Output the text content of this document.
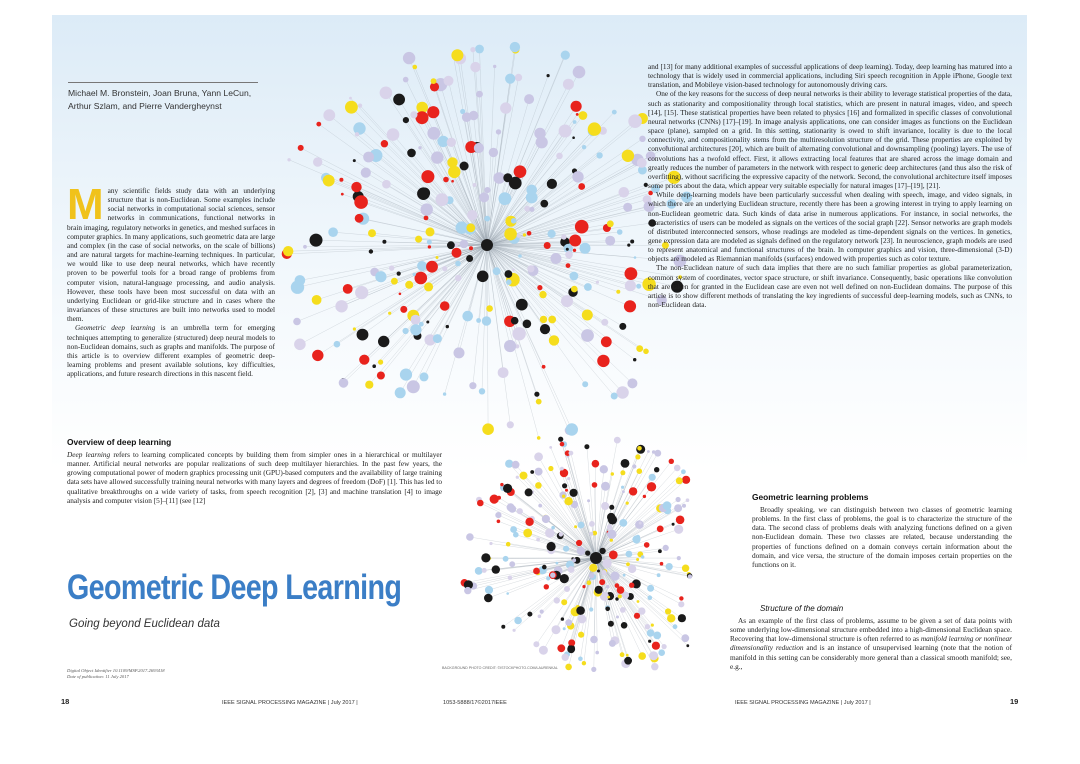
Michael M. Bronstein, Joan Bruna, Yann LeCun,
Arthur Szlam, and Pierre Vandergheynst
M any scientific fields study data with an underlying structure that is non-Euclidean. Some examples include social networks in computational social sciences, sensor networks in communications, functional networks in brain imaging, regulatory networks in genetics, and meshed surfaces in computer graphics. In many applications, such geometric data are large and complex (in the case of social networks, on the scale of billions) and are natural targets for machine-learning techniques. In particular, we would like to use deep neural networks, which have recently proven to be powerful tools for a broad range of problems from computer vision, natural-language processing, and audio analysis. However, these tools have been most successful on data with an underlying Euclidean or grid-like structure and in cases where the invariances of these structures are built into networks used to model them.

Geometric deep learning is an umbrella term for emerging techniques attempting to generalize (structured) deep neural models to non-Euclidean domains, such as graphs and manifolds. The purpose of this article is to overview different examples of geometric deep-learning problems and present available solutions, key difficulties, applications, and future research directions in this nascent field.

Overview of deep learning

Deep learning refers to learning complicated concepts by building them from simpler ones in a hierarchical or multilayer manner. Artificial neural networks are popular realizations of such deep multilayer hierarchies. In the past few years, the growing computational power of modern graphics processing unit (GPU)-based computers and the availability of large training data sets have allowed successfully training neural networks with many layers and degrees of freedom (DoF) [1]. This has led to qualitative breakthroughs on a wide variety of tasks, from speech recognition [2], [3] and machine translation [4] to image analysis and computer vision [5]–[11] (see [12]

Geometric Deep Learning
Going beyond Euclidean data
Digital Object Identifier 10.1109/MSP.2017.2693418
Date of publication: 11 July 2017
BACKGROUND PHOTO CREDIT: ©ISTOCKPHOTO.COM/LAURENKAL

and [13] for many additional examples of successful applications of deep learning). Today, deep learning has matured into a technology that is widely used in commercial applications, including Siri speech recognition in Apple iPhone, Google text translation, and Mobileye vision-based technology for autonomously driving cars.

One of the key reasons for the success of deep neural networks is their ability to leverage statistical properties of the data, such as stationarity and compositionality through local statistics, which are present in natural images, video, and speech [14], [15]. These statistical properties have been related to physics [16] and formalized in specific classes of convolutional neural networks (CNNs) [17]–[19]. In image analysis applications, one can consider images as functions on the Euclidean space (plane), sampled on a grid. In this setting, stationarity is owed to shift invariance, locality is due to the local connectivity, and compositionality stems from the multiresolution structure of the grid. These properties are exploited by convolutional architectures [20], which are built of alternating convolutional and downsampling (pooling) layers. The use of convolutions has a twofold effect. First, it allows extracting local features that are shared across the image domain and greatly reduces the number of parameters in the network with respect to generic deep architectures (and thus also the risk of overfitting), without sacrificing the expressive capacity of the network. Second, the convolutional architecture itself imposes some priors about the data, which appear very suitable especially for natural images [17]–[19], [21].

While deep-learning models have been particularly successful when dealing with speech, image, and video signals, in which there are an underlying Euclidean structure, recently there has been a growing interest in trying to apply learning on non-Euclidean geometric data. Such kinds of data arise in numerous applications. For instance, in social networks, the characteristics of users can be modeled as signals on the vertices of the social graph [22]. Sensor networks are graph models of distributed interconnected sensors, whose readings are modeled as time-dependent signals on the vertices. In genetics, gene expression data are modeled as signals defined on the regulatory network [23]. In neuroscience, graph models are used to represent anatomical and functional structures of the brain. In computer graphics and vision, three-dimensional (3-D) objects are modeled as Riemannian manifolds (surfaces) endowed with properties such as color texture.

The non-Euclidean nature of such data implies that there are no such familiar properties as global parameterization, common system of coordinates, vector space structure, or shift invariance. Consequently, basic operations like convolution that are taken for granted in the Euclidean case are even not well defined on non-Euclidean domains. The purpose of this article is to show different methods of translating the key ingredients of successful deep-learning models, such as CNNs, to non-Euclidean data.

Geometric learning problems

Broadly speaking, we can distinguish between two classes of geometric learning problems. In the first class of problems, the goal is to characterize the structure of the data. The second class of problems deals with analyzing functions defined on a given non-Euclidean domain. These two classes are related, because understanding the properties of functions defined on a domain conveys certain information about the domain, and vice versa, the structure of the domain imposes certain properties on the functions on it.

Structure of the domain

As an example of the first class of problems, assume to be given a set of data points with some underlying low-dimensional structure embedded into a high-dimensional Euclidean space. Recovering that low-dimensional structure is often referred to as manifold learning or nonlinear dimensionality reduction and is an instance of unsupervised learning (note that the notion of manifold in this setting can be considerably more general than a classical smooth manifold; see, e.g.,

18	IEEE SIGNAL PROCESSING MAGAZINE | July 2017 |	1053-5888/17©2017IEEE	IEEE SIGNAL PROCESSING MAGAZINE | July 2017 |	19
